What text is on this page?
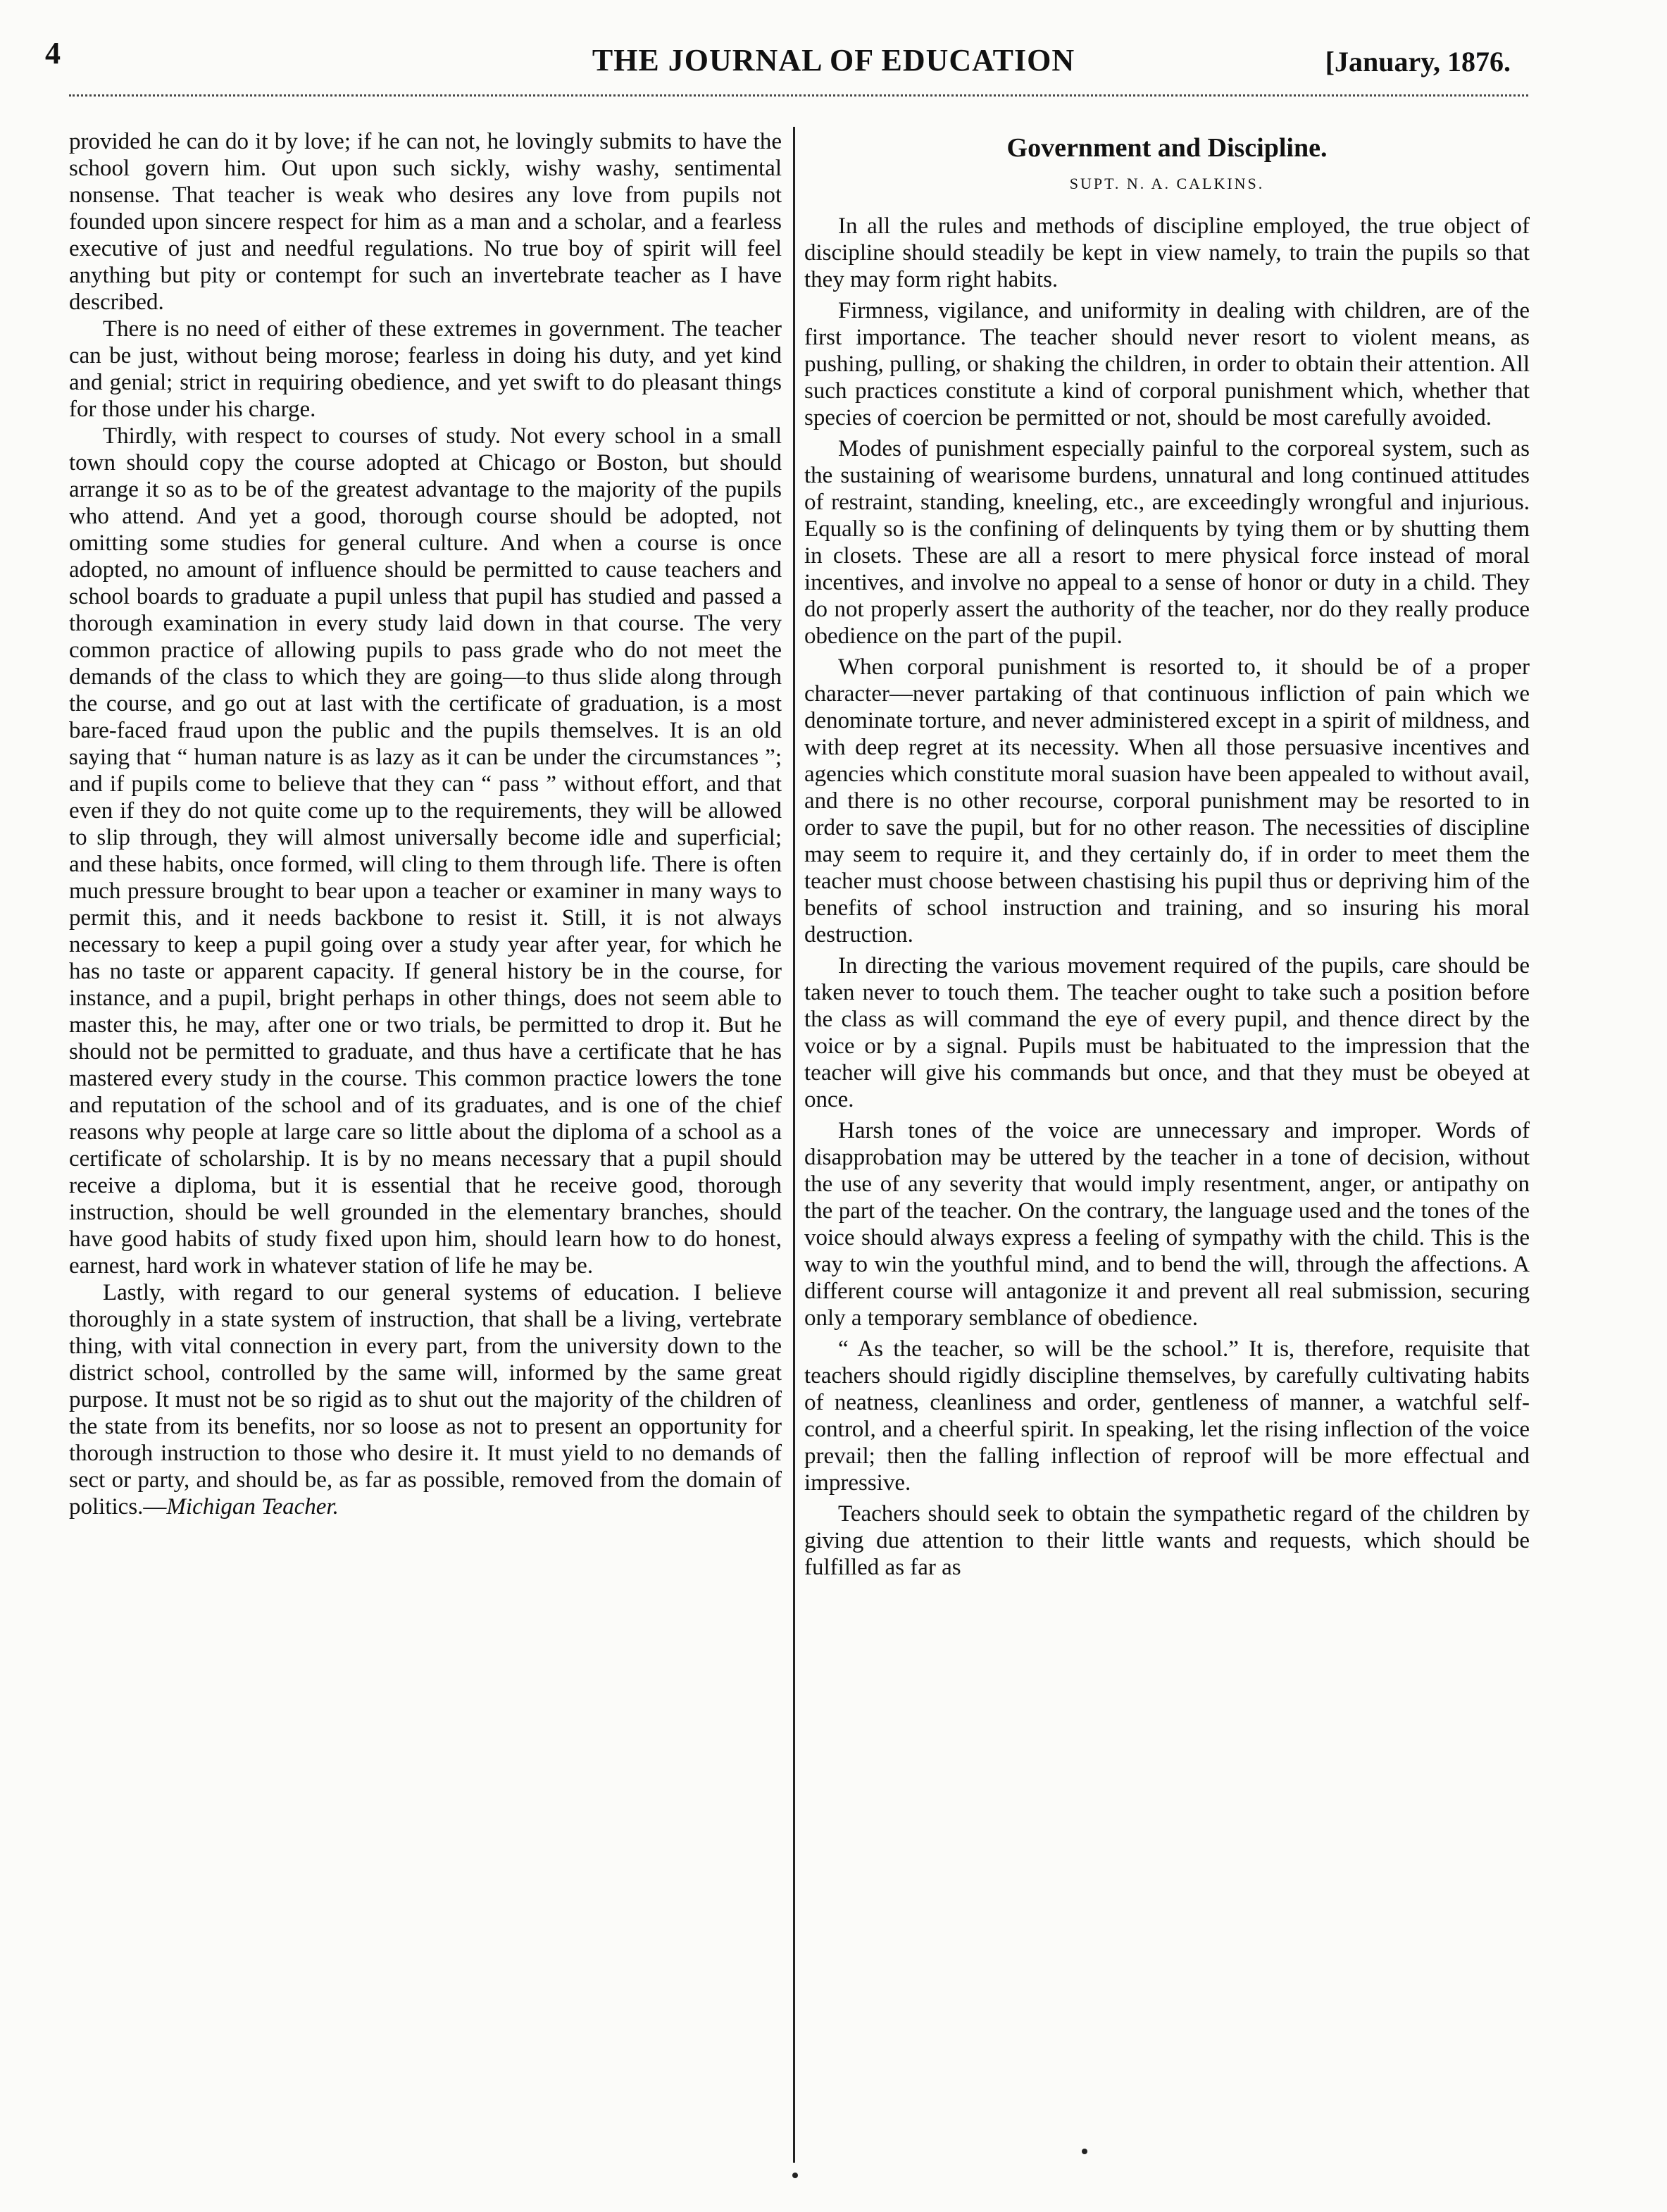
4	THE JOURNAL OF EDUCATION	[January, 1876.

provided he can do it by love; if he can not, he lovingly submits to have the school govern him. Out upon such sickly, wishy washy, sentimental nonsense. That teacher is weak who desires any love from pupils not founded upon sincere respect for him as a man and a scholar, and a fearless executive of just and needful regulations. No true boy of spirit will feel anything but pity or contempt for such an invertebrate teacher as I have described.

There is no need of either of these extremes in government. The teacher can be just, without being morose; fearless in doing his duty, and yet kind and genial; strict in requiring obedience, and yet swift to do pleasant things for those under his charge.

Thirdly, with respect to courses of study. Not every school in a small town should copy the course adopted at Chicago or Boston, but should arrange it so as to be of the greatest advantage to the majority of the pupils who attend. And yet a good, thorough course should be adopted, not omitting some studies for general culture. And when a course is once adopted, no amount of influence should be permitted to cause teachers and school boards to graduate a pupil unless that pupil has studied and passed a thorough examination in every study laid down in that course. The very common practice of allowing pupils to pass grade who do not meet the demands of the class to which they are going—to thus slide along through the course, and go out at last with the certificate of graduation, is a most bare-faced fraud upon the public and the pupils themselves. It is an old saying that “ human nature is as lazy as it can be under the circumstances ”; and if pupils come to believe that they can “ pass ” without effort, and that even if they do not quite come up to the requirements, they will be allowed to slip through, they will almost universally become idle and superficial; and these habits, once formed, will cling to them through life. There is often much pressure brought to bear upon a teacher or examiner in many ways to permit this, and it needs backbone to resist it. Still, it is not always necessary to keep a pupil going over a study year after year, for which he has no taste or apparent capacity. If general history be in the course, for instance, and a pupil, bright perhaps in other things, does not seem able to master this, he may, after one or two trials, be permitted to drop it. But he should not be permitted to graduate, and thus have a certificate that he has mastered every study in the course. This common practice lowers the tone and reputation of the school and of its graduates, and is one of the chief reasons why people at large care so little about the diploma of a school as a certificate of scholarship. It is by no means necessary that a pupil should receive a diploma, but it is essential that he receive good, thorough instruction, should be well grounded in the elementary branches, should have good habits of study fixed upon him, should learn how to do honest, earnest, hard work in whatever station of life he may be.

Lastly, with regard to our general systems of education. I believe thoroughly in a state system of instruction, that shall be a living, vertebrate thing, with vital connection in every part, from the university down to the district school, controlled by the same will, informed by the same great purpose. It must not be so rigid as to shut out the majority of the children of the state from its benefits, nor so loose as not to present an opportunity for thorough instruction to those who desire it. It must yield to no demands of sect or party, and should be, as far as possible, removed from the domain of politics.—Michigan Teacher.

Government and Discipline.
SUPT. N. A. CALKINS.

In all the rules and methods of discipline employed, the true object of discipline should steadily be kept in view namely, to train the pupils so that they may form right habits.

Firmness, vigilance, and uniformity in dealing with children, are of the first importance. The teacher should never resort to violent means, as pushing, pulling, or shaking the children, in order to obtain their attention. All such practices constitute a kind of corporal punishment which, whether that species of coercion be permitted or not, should be most carefully avoided.

Modes of punishment especially painful to the corporeal system, such as the sustaining of wearisome burdens, unnatural and long continued attitudes of restraint, standing, kneeling, etc., are exceedingly wrongful and injurious. Equally so is the confining of delinquents by tying them or by shutting them in closets. These are all a resort to mere physical force instead of moral incentives, and involve no appeal to a sense of honor or duty in a child. They do not properly assert the authority of the teacher, nor do they really produce obedience on the part of the pupil.

When corporal punishment is resorted to, it should be of a proper character—never partaking of that continuous infliction of pain which we denominate torture, and never administered except in a spirit of mildness, and with deep regret at its necessity. When all those persuasive incentives and agencies which constitute moral suasion have been appealed to without avail, and there is no other recourse, corporal punishment may be resorted to in order to save the pupil, but for no other reason. The necessities of discipline may seem to require it, and they certainly do, if in order to meet them the teacher must choose between chastising his pupil thus or depriving him of the benefits of school instruction and training, and so insuring his moral destruction.

In directing the various movement required of the pupils, care should be taken never to touch them. The teacher ought to take such a position before the class as will command the eye of every pupil, and thence direct by the voice or by a signal. Pupils must be habituated to the impression that the teacher will give his commands but once, and that they must be obeyed at once.

Harsh tones of the voice are unnecessary and improper. Words of disapprobation may be uttered by the teacher in a tone of decision, without the use of any severity that would imply resentment, anger, or antipathy on the part of the teacher. On the contrary, the language used and the tones of the voice should always express a feeling of sympathy with the child. This is the way to win the youthful mind, and to bend the will, through the affections. A different course will antagonize it and prevent all real submission, securing only a temporary semblance of obedience.

“ As the teacher, so will be the school.” It is, therefore, requisite that teachers should rigidly discipline themselves, by carefully cultivating habits of neatness, cleanliness and order, gentleness of manner, a watchful self-control, and a cheerful spirit. In speaking, let the rising inflection of the voice prevail; then the falling inflection of reproof will be more effectual and impressive.

Teachers should seek to obtain the sympathetic regard of the children by giving due attention to their little wants and requests, which should be fulfilled as far as
